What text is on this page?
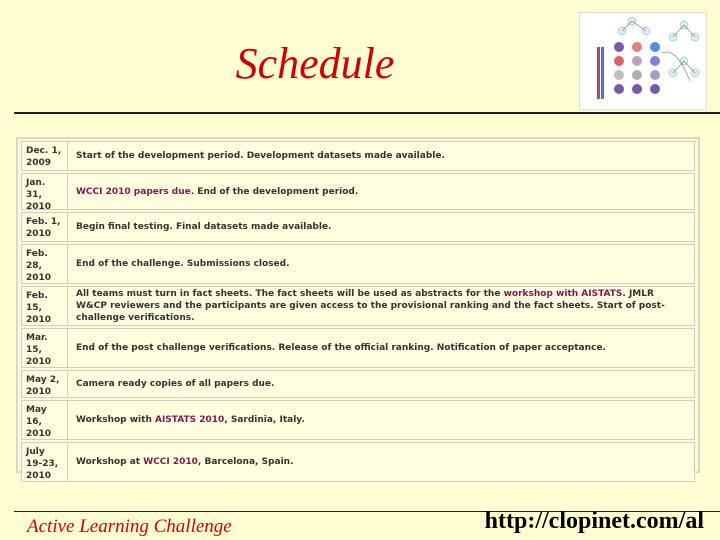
Schedule
Dec. 1, 2009
Start of the development period. Development datasets made available.
Jan. 31, 2010
WCCI 2010 papers due. End of the development period.
Feb. 1, 2010
Begin final testing. Final datasets made available.
Feb. 28, 2010
End of the challenge. Submissions closed.
Feb. 15, 2010
All teams must turn in fact sheets. The fact sheets will be used as abstracts for the workshop with AISTATS. JMLR W&CP reviewers and the participants are given access to the provisional ranking and the fact sheets. Start of post-challenge verifications.
Mar. 15, 2010
End of the post challenge verifications. Release of the official ranking. Notification of paper acceptance.
May 2, 2010
Camera ready copies of all papers due.
May 16, 2010
Workshop with AISTATS 2010, Sardinia, Italy.
July 19-23, 2010
Workshop at WCCI 2010, Barcelona, Spain.
Active Learning Challenge	http://clopinet.com/al
